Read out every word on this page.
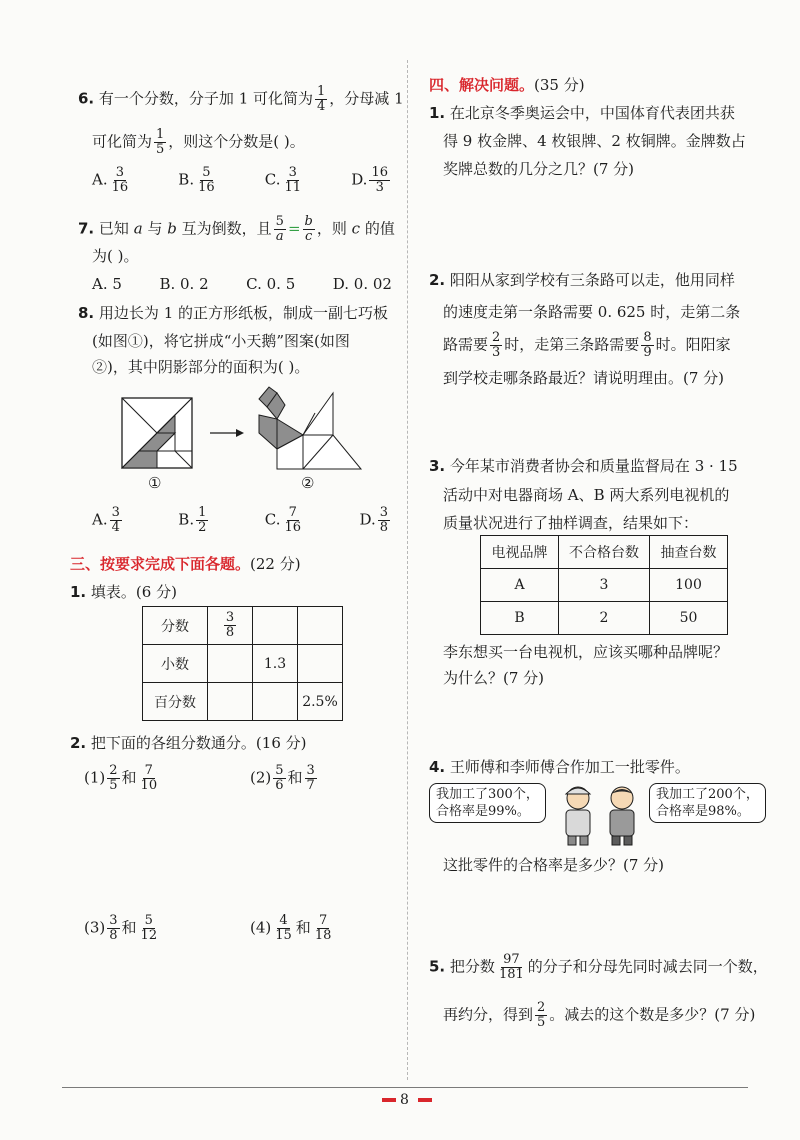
6. 有一个分数，分子加 1 可化简为 $\frac{1}{4}$ ，分母减 1
可化简为 $\frac{1}{5}$ ，则这个分数是( )。
A. $\frac{3}{16}$	B. $\frac{5}{16}$	C. $\frac{3}{11}$	D. $\frac{16}{3}$
7. 已知 a 与 b 互为倒数，且 $\frac{5}{a} = \frac{b}{c}$ ，则 c 的值
为( )。
A. 5	B. 0. 2	C. 0. 5	D. 0. 02
8. 用边长为 1 的正方形纸板，制成一副七巧板
(如图①)，将它拼成“小天鹅”图案(如图
②)，其中阴影部分的面积为( )。
①	②
A. $\frac{3}{4}$	B. $\frac{1}{2}$	C. $\frac{7}{16}$	D. $\frac{3}{8}$
三、按要求完成下面各题。(22 分)
1. 填表。(6 分)
分数	$\frac{3}{8}$

小数		1.3	
百分数			2.5%
2. 把下面的各组分数通分。(16 分)
$(1) \frac{2}{5}$ 和 $\frac{7}{10}$	$(2) \frac{5}{6}$ 和 $\frac{3}{7}$
$(3) \frac{3}{8}$ 和 $\frac{5}{12}$	$(4) \frac{4}{15}$ 和 $\frac{7}{18}$
四、解决问题。(35 分)
1. 在北京冬季奥运会中，中国体育代表团共获
得 9 枚金牌、4 枚银牌、2 枚铜牌。金牌数占
奖牌总数的几分之几？(7 分)
2. 阳阳从家到学校有三条路可以走，他用同样
的速度走第一条路需要 0. 625 时，走第二条
路需要 $\frac{2}{3}$ 时，走第三条路需要 $\frac{8}{9}$ 时。阳阳家
到学校走哪条路最近？请说明理由。(7 分)
3. 今年某市消费者协会和质量监督局在 3 · 15
活动中对电器商场 A、B 两大系列电视机的
质量状况进行了抽样调查，结果如下：
电视品牌	不合格台数	抽查台数
A	3	100
B	2	50
李东想买一台电视机，应该买哪种品牌呢？
为什么？(7 分)
4. 王师傅和李师傅合作加工一批零件。
我加工了300个，
合格率是99%。
我加工了200个，
合格率是98%。
这批零件的合格率是多少？(7 分)
5. 把分数 $\frac{97}{181}$ 的分子和分母先同时减去同一个数，
再约分，得到 $\frac{2}{5}$ 。减去的这个数是多少？(7 分)
8
